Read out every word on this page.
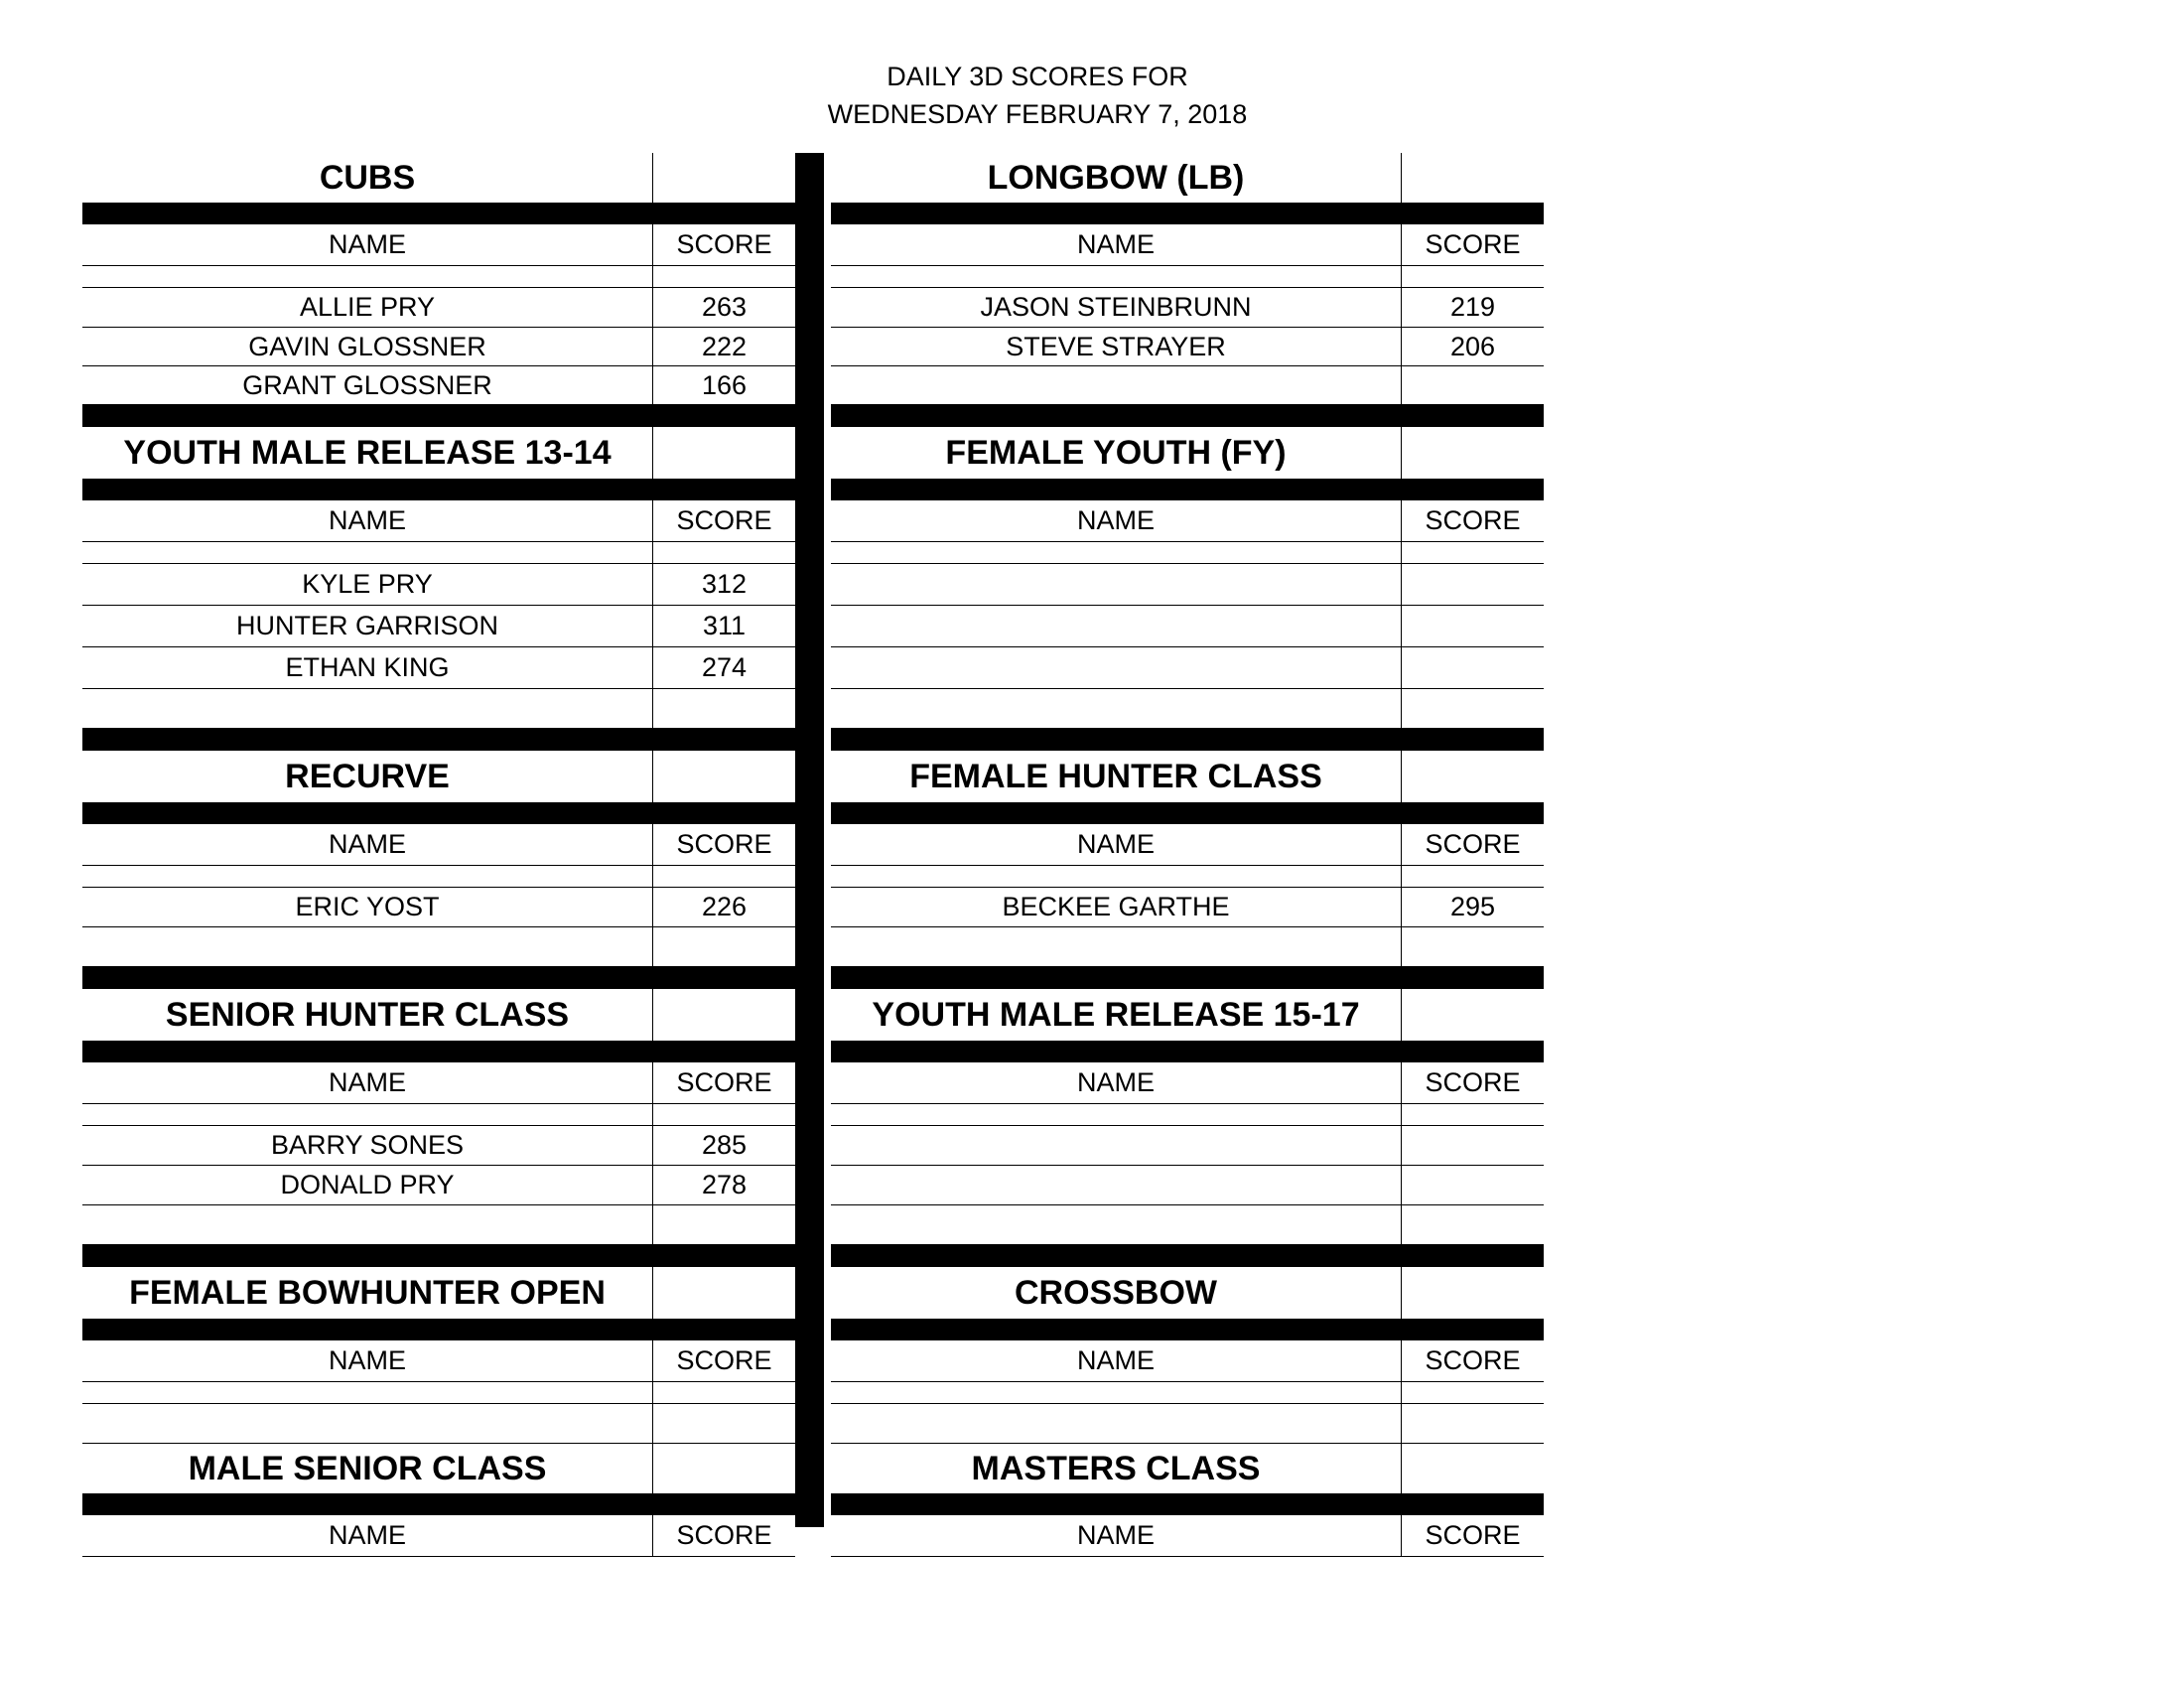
DAILY 3D SCORES FOR
WEDNESDAY FEBRUARY 7, 2018
CUBS
NAME	SCORE
ALLIE PRY	263
GAVIN GLOSSNER	222
GRANT GLOSSNER	166
YOUTH MALE RELEASE 13-14
NAME	SCORE
KYLE PRY	312
HUNTER GARRISON	311
ETHAN KING	274
RECURVE
NAME	SCORE
ERIC YOST	226
SENIOR HUNTER CLASS
NAME	SCORE
BARRY SONES	285
DONALD PRY	278
FEMALE BOWHUNTER OPEN
NAME	SCORE
MALE SENIOR CLASS
NAME	SCORE
LONGBOW (LB)
NAME	SCORE
JASON STEINBRUNN	219
STEVE STRAYER	206
FEMALE YOUTH (FY)
NAME	SCORE
FEMALE HUNTER CLASS
NAME	SCORE
BECKEE GARTHE	295
YOUTH MALE RELEASE 15-17
NAME	SCORE
CROSSBOW
NAME	SCORE
MASTERS CLASS
NAME	SCORE
